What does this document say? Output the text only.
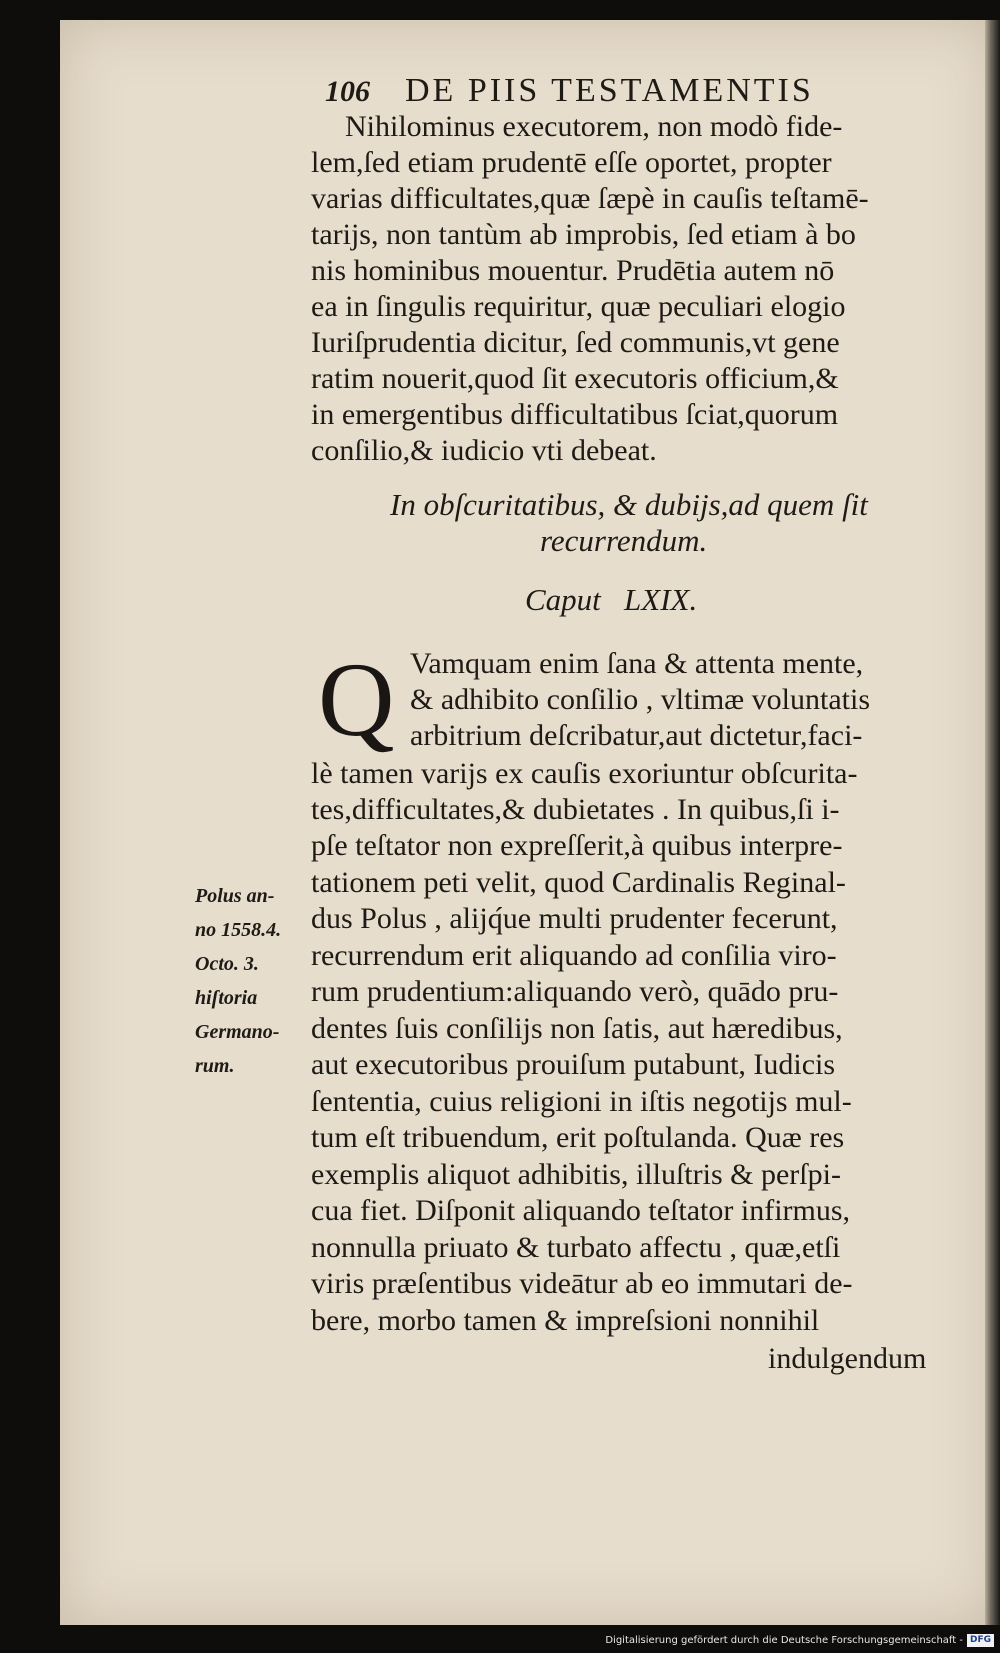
106	DE PIIS TESTAMENTIS
Nihilominus executorem, non modò fide-
lem,ſed etiam prudentē eſſe oportet, propter
varias difficultates,quæ ſæpè in cauſis teſtamē-
tarijs, non tantùm ab improbis, ſed etiam à bo
nis hominibus mouentur. Prudētia autem nō
ea in ſingulis requiritur, quæ peculiari elogio
Iuriſprudentia dicitur, ſed communis,vt gene
ratim nouerit,quod ſit executoris officium,&
in emergentibus difficultatibus ſciat,quorum
conſilio,& iudicio vti debeat.
In obſcuritatibus, & dubijs,ad quem ſit
recurrendum.
Caput   LXIX.
Q Vamquam enim ſana & attenta mente,
& adhibito conſilio , vltimæ voluntatis
arbitrium deſcribatur,aut dictetur,faci-
lè tamen varijs ex cauſis exoriuntur obſcurita-
tes,difficultates,& dubietates . In quibus,ſi i-
pſe teſtator non expreſſerit,à quibus interpre-
tationem peti velit, quod Cardinalis Reginal-
dus Polus , alijq́ue multi prudenter fecerunt,
recurrendum erit aliquando ad conſilia viro-
rum prudentium:aliquando verò, quādo pru-
dentes ſuis conſilijs non ſatis, aut hæredibus,
aut executoribus prouiſum putabunt, Iudicis
ſententia, cuius religioni in iſtis negotijs mul-
tum eſt tribuendum, erit poſtulanda. Quæ res
exemplis aliquot adhibitis, illuſtris & perſpi-
cua fiet. Diſponit aliquando teſtator infirmus,
nonnulla priuato & turbato affectu , quæ,etſi
viris præſentibus videātur ab eo immutari de-
bere, morbo tamen & impreſsioni nonnihil
indulgendum
Polus an-
no 1558.4.
Octo. 3.
hiſtoria
Germano-
rum.
Digitalisierung gefördert durch die Deutsche Forschungsgemeinschaft - DFG
